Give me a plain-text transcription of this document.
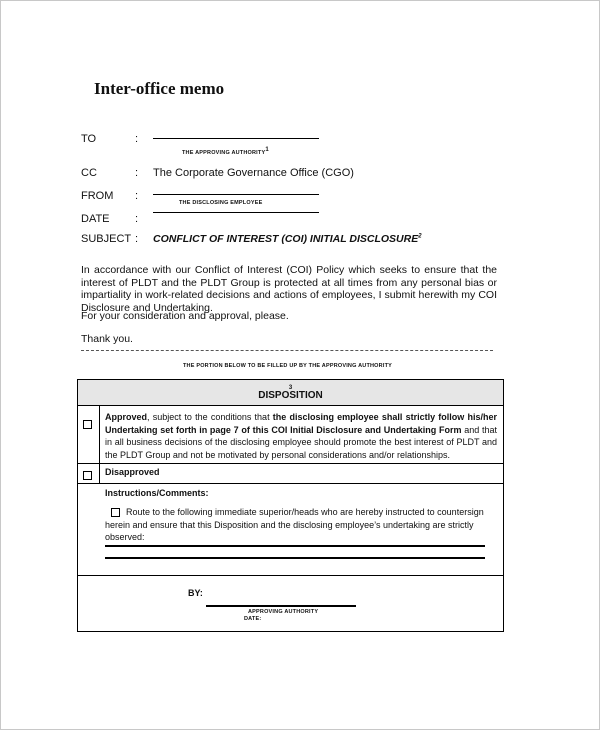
Inter-office memo
TO	:
THE APPROVING AUTHORITY$^1$
CC	: The Corporate Governance Office (CGO)
FROM :
THE DISCLOSING EMPLOYEE
DATE :
SUBJECT : CONFLICT OF INTEREST (COI) INITIAL DISCLOSURE$^2$
In accordance with our Conflict of Interest (COI) Policy which seeks to ensure that the interest of PLDT and the PLDT Group is protected at all times from any personal bias or impartiality in work-related decisions and actions of employees, I submit herewith my COI Disclosure and Undertaking.
For your consideration and approval, please.
Thank you.
THE PORTION BELOW TO BE FILLED UP BY THE APPROVING AUTHORITY
DISPOSITION
$^3$
Approved, subject to the conditions that the disclosing employee shall strictly follow his/her Undertaking set forth in page 7 of this COI Initial Disclosure and Undertaking Form and that in all business decisions of the disclosing employee should promote the best interest of PLDT and the PLDT Group and not be motivated by personal considerations and/or relationships.
Disapproved
Instructions/Comments:
Route to the following immediate superior/heads who are hereby instructed to countersign herein and ensure that this Disposition and the disclosing employee’s undertaking are strictly observed:
BY:
APPROVING AUTHORITY
DATE:
